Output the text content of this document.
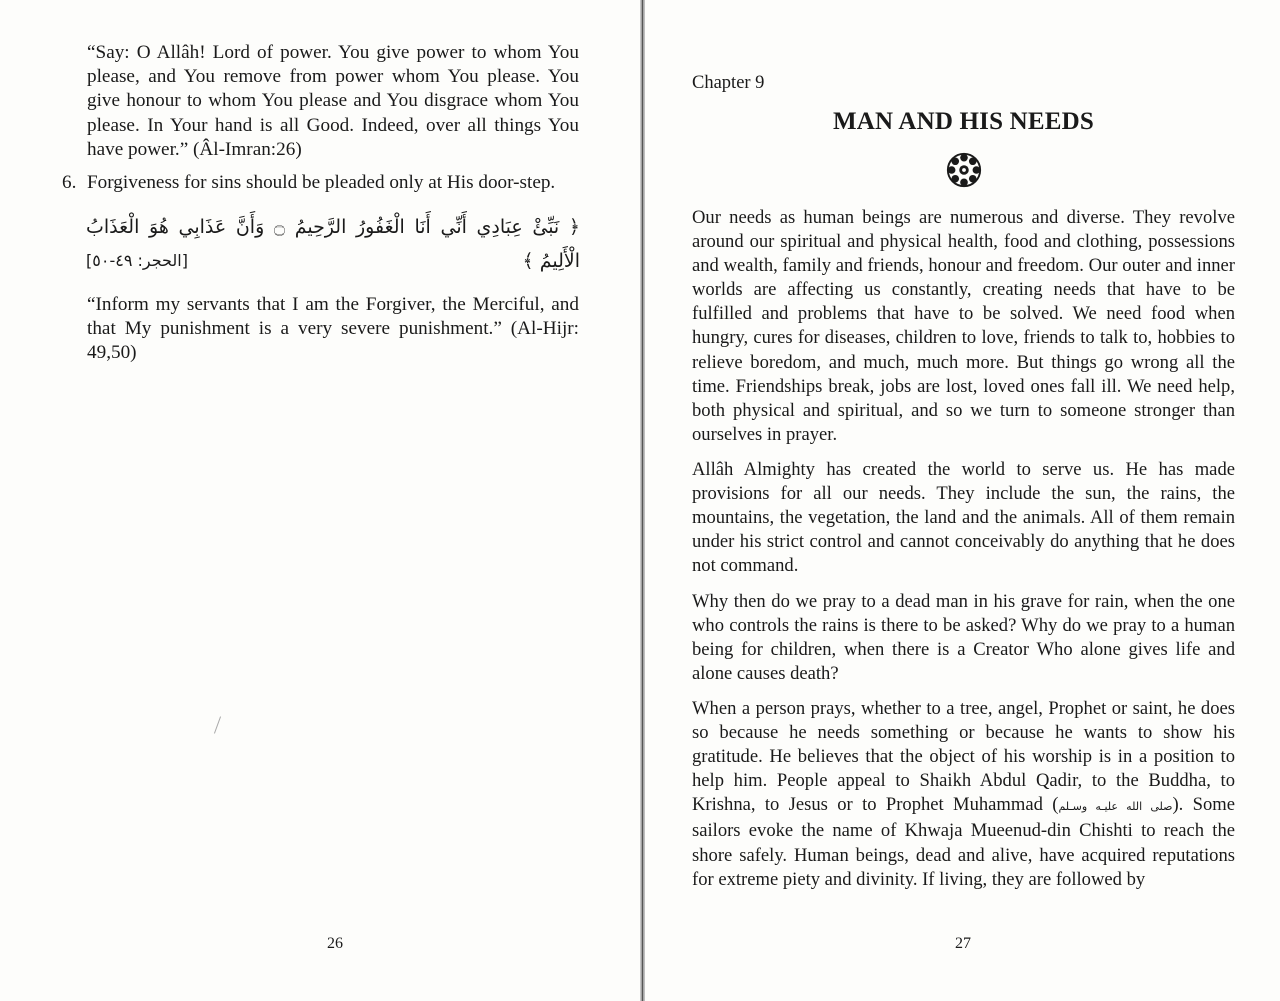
“Say: O Allâh! Lord of power. You give power to whom You please, and You remove from power whom You please. You give honour to whom You please and You disgrace whom You please. In Your hand is all Good. Indeed, over all things You have power.” (Âl-Imran:26)
6. Forgiveness for sins should be pleaded only at His door-step.
﴿ نَبِّئْ عِبَادِي أَنِّي أَنَا الْغَفُورُ الرَّحِيمُ ۝ وَأَنَّ عَذَابِي هُوَ الْعَذَابُ
الْأَلِيمُ ﴾
[الحجر: ٤٩-٥٠]
“Inform my servants that I am the Forgiver, the Merciful, and that My punishment is a very severe punishment.” (Al-Hijr: 49,50)
26
Chapter 9
MAN AND HIS NEEDS
Our needs as human beings are numerous and diverse. They revolve around our spiritual and physical health, food and clothing, possessions and wealth, family and friends, honour and freedom. Our outer and inner worlds are affecting us constantly, creating needs that have to be fulfilled and problems that have to be solved. We need food when hungry, cures for diseases, children to love, friends to talk to, hobbies to relieve boredom, and much, much more. But things go wrong all the time. Friendships break, jobs are lost, loved ones fall ill. We need help, both physical and spiritual, and so we turn to someone stronger than ourselves in prayer.
Allâh Almighty has created the world to serve us. He has made provisions for all our needs. They include the sun, the rains, the mountains, the vegetation, the land and the animals. All of them remain under his strict control and cannot conceivably do anything that he does not command.
Why then do we pray to a dead man in his grave for rain, when the one who controls the rains is there to be asked? Why do we pray to a human being for children, when there is a Creator Who alone gives life and alone causes death?
When a person prays, whether to a tree, angel, Prophet or saint, he does so because he needs something or because he wants to show his gratitude. He believes that the object of his worship is in a position to help him. People appeal to Shaikh Abdul Qadir, to the Buddha, to Krishna, to Jesus or to Prophet Muhammad (صلى الله عليـه وسـلم). Some sailors evoke the name of Khwaja Mueenud-din Chishti to reach the shore safely. Human beings, dead and alive, have acquired reputations for extreme piety and divinity. If living, they are followed by
27
